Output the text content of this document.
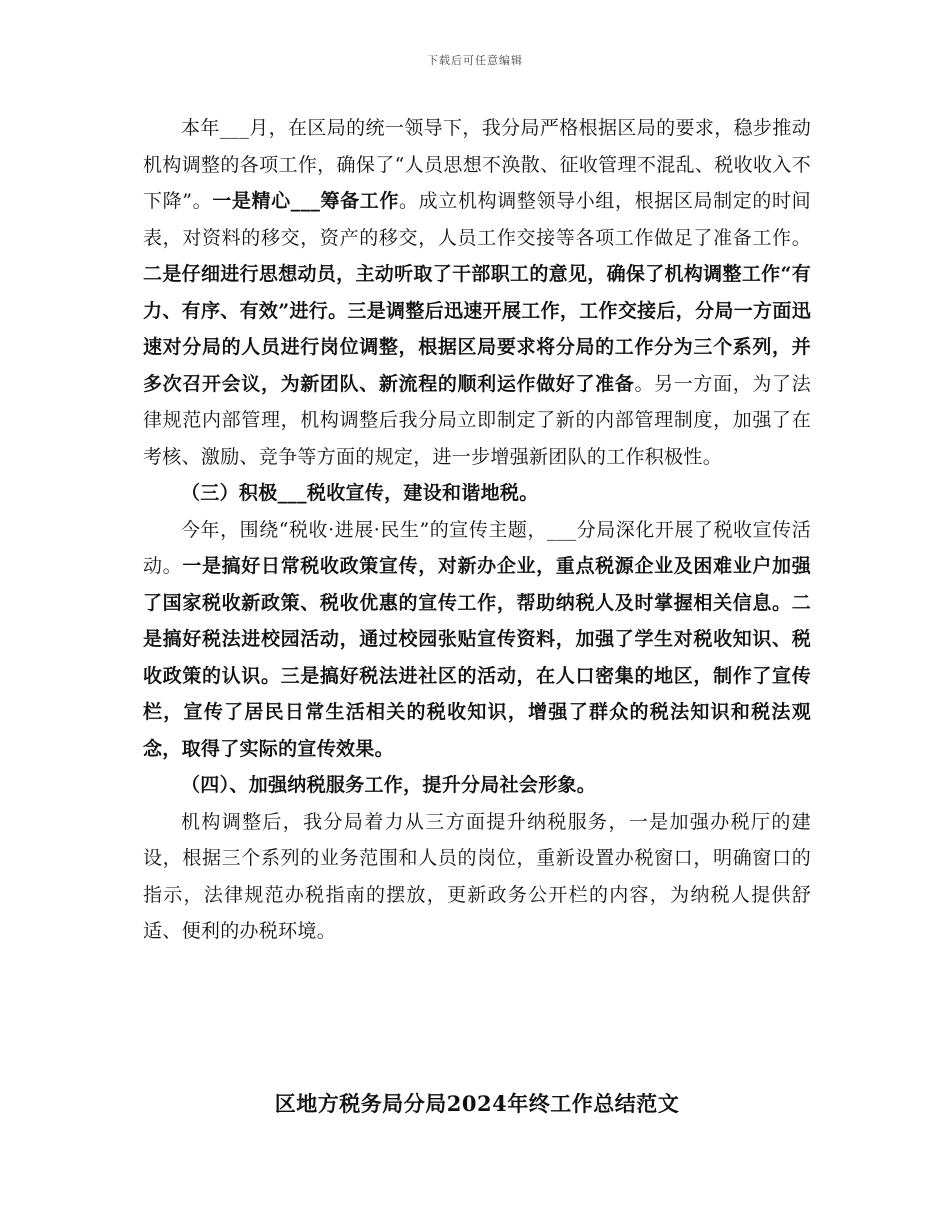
下载后可任意编辑

本年___月，在区局的统一领导下，我分局严格根据区局的要求，稳步推动机构调整的各项工作，确保了“人员思想不涣散、征收管理不混乱、税收收入不下降”。一是精心___筹备工作。成立机构调整领导小组，根据区局制定的时间表，对资料的移交，资产的移交，人员工作交接等各项工作做足了准备工作。二是仔细进行思想动员，主动听取了干部职工的意见，确保了机构调整工作“有力、有序、有效”进行。三是调整后迅速开展工作，工作交接后，分局一方面迅速对分局的人员进行岗位调整，根据区局要求将分局的工作分为三个系列，并多次召开会议，为新团队、新流程的顺利运作做好了准备。另一方面，为了法律规范内部管理，机构调整后我分局立即制定了新的内部管理制度，加强了在考核、激励、竞争等方面的规定，进一步增强新团队的工作积极性。

（三）积极___税收宣传，建设和谐地税。

今年，围绕“税收·进展·民生”的宣传主题，___分局深化开展了税收宣传活动。一是搞好日常税收政策宣传，对新办企业，重点税源企业及困难业户加强了国家税收新政策、税收优惠的宣传工作，帮助纳税人及时掌握相关信息。二是搞好税法进校园活动，通过校园张贴宣传资料，加强了学生对税收知识、税收政策的认识。三是搞好税法进社区的活动，在人口密集的地区，制作了宣传栏，宣传了居民日常生活相关的税收知识，增强了群众的税法知识和税法观念，取得了实际的宣传效果。

（四）、加强纳税服务工作，提升分局社会形象。

机构调整后，我分局着力从三方面提升纳税服务，一是加强办税厅的建设，根据三个系列的业务范围和人员的岗位，重新设置办税窗口，明确窗口的指示，法律规范办税指南的摆放，更新政务公开栏的内容，为纳税人提供舒适、便利的办税环境。

区地方税务局分局2024年终工作总结范文
